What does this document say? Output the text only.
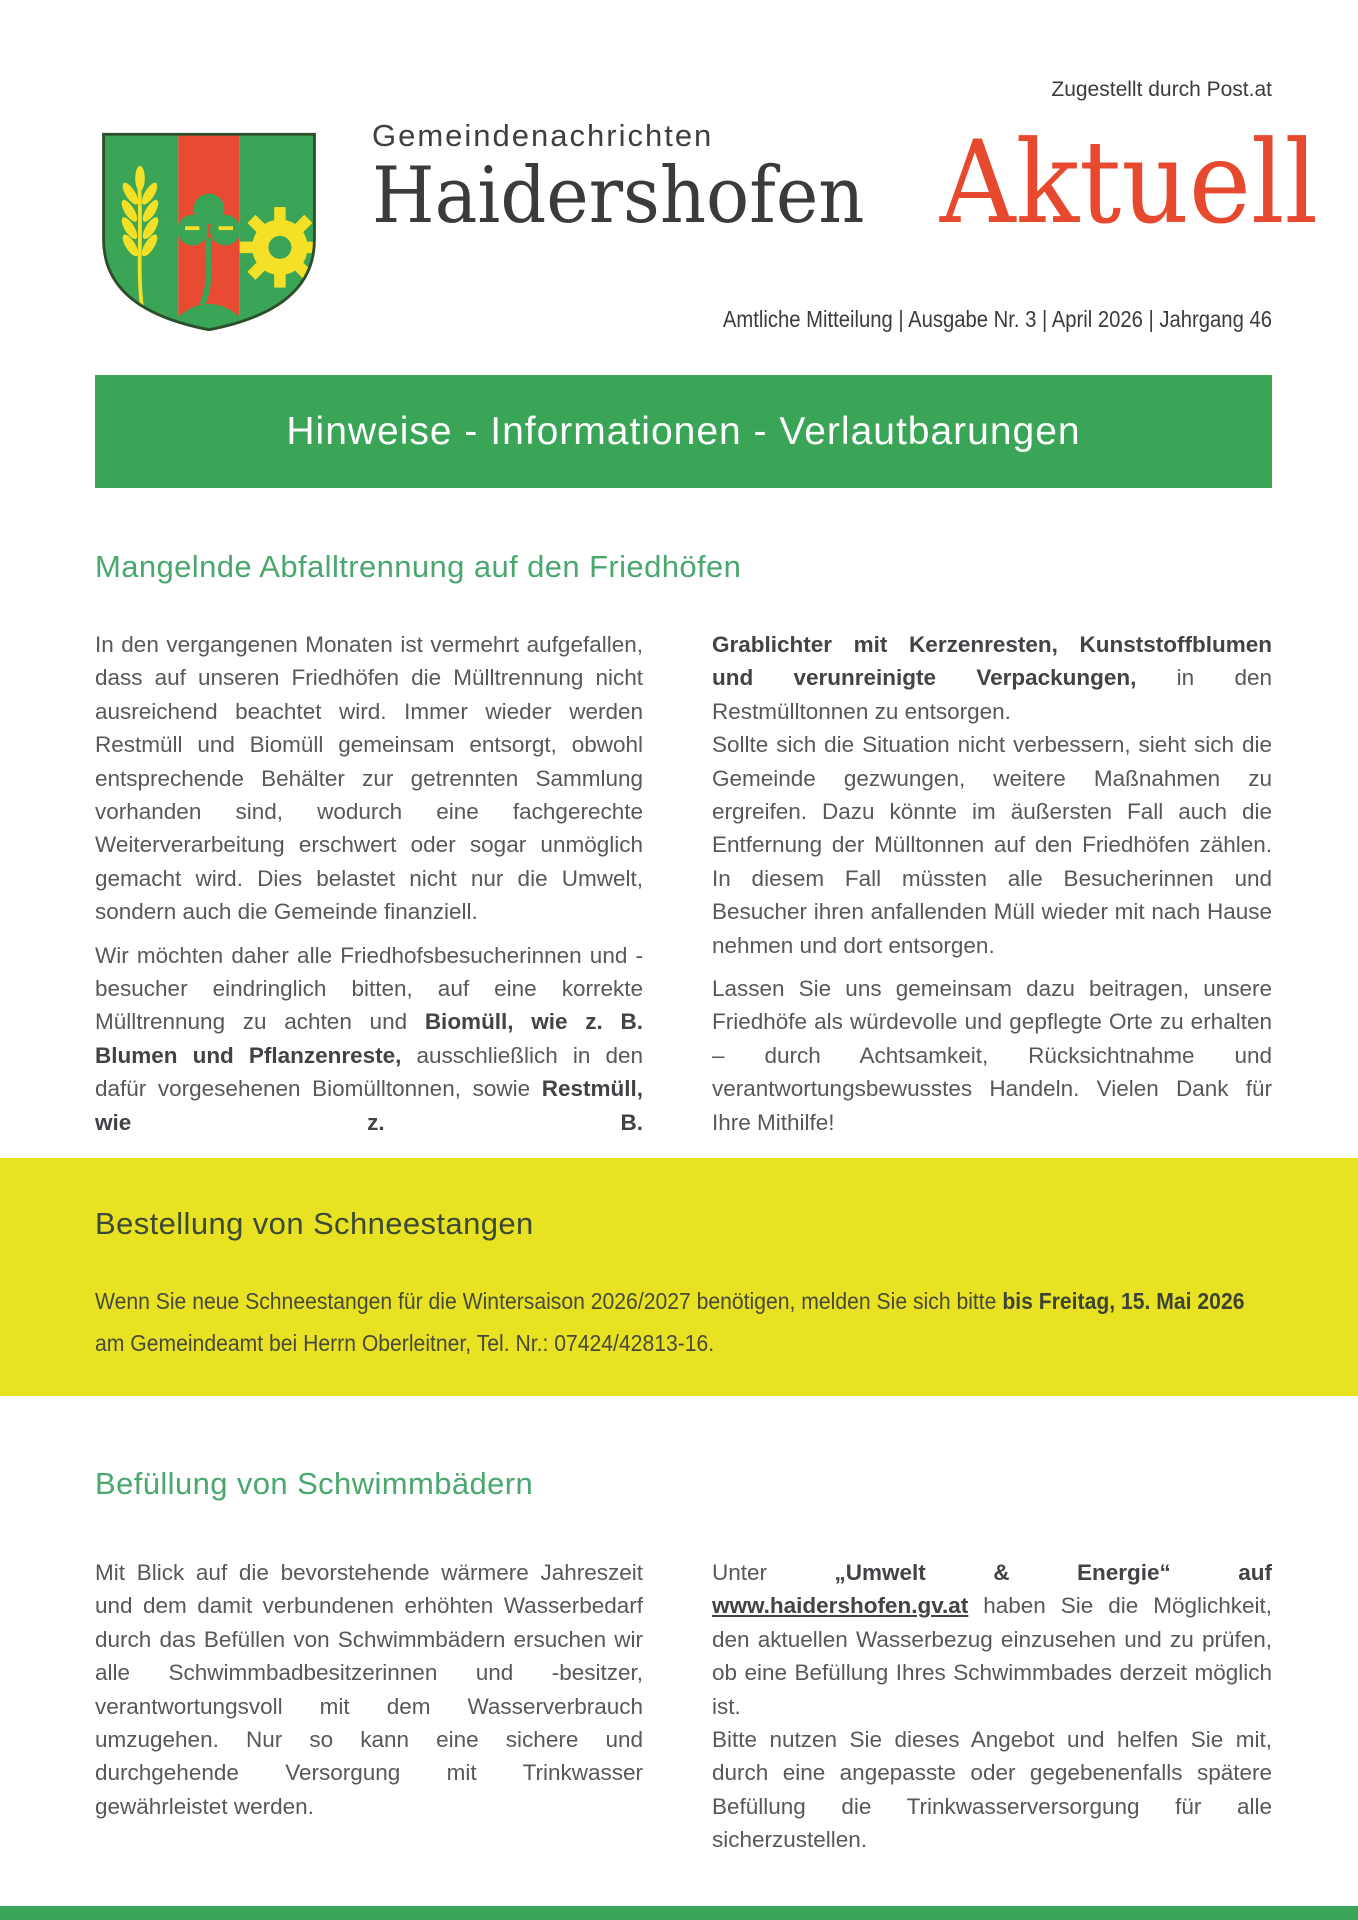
Zugestellt durch Post.at
Gemeindenachrichten
Haidershofen Aktuell
Amtliche Mitteilung | Ausgabe Nr. 3 | April 2026 | Jahrgang 46
Hinweise - Informationen - Verlautbarungen
Mangelnde Abfalltrennung auf den Friedhöfen

In den vergangenen Monaten ist vermehrt aufgefallen, dass auf unseren Friedhöfen die Mülltrennung nicht ausreichend beachtet wird. Immer wieder werden Restmüll und Biomüll gemeinsam entsorgt, obwohl entsprechende Behälter zur getrennten Sammlung vorhanden sind, wodurch eine fachgerechte Weiterverarbeitung erschwert oder sogar unmöglich gemacht wird. Dies belastet nicht nur die Umwelt, sondern auch die Gemeinde finanziell.

Wir möchten daher alle Friedhofsbesucherinnen und -besucher eindringlich bitten, auf eine korrekte Mülltrennung zu achten und Biomüll, wie z. B. Blumen und Pflanzenreste, ausschließlich in den dafür vorgesehenen Biomülltonnen, sowie Restmüll, wie z. B.

Grablichter mit Kerzenresten, Kunststoffblumen und verunreinigte Verpackungen, in den Restmülltonnen zu entsorgen.

Sollte sich die Situation nicht verbessern, sieht sich die Gemeinde gezwungen, weitere Maßnahmen zu ergreifen. Dazu könnte im äußersten Fall auch die Entfernung der Mülltonnen auf den Friedhöfen zählen. In diesem Fall müssten alle Besucherinnen und Besucher ihren anfallenden Müll wieder mit nach Hause nehmen und dort entsorgen.

Lassen Sie uns gemeinsam dazu beitragen, unsere Friedhöfe als würdevolle und gepflegte Orte zu erhalten – durch Achtsamkeit, Rücksichtnahme und verantwortungsbewusstes Handeln. Vielen Dank für Ihre Mithilfe!

Bestellung von Schneestangen
Wenn Sie neue Schneestangen für die Wintersaison 2026/2027 benötigen, melden Sie sich bitte bis Freitag, 15. Mai 2026 am Gemeindeamt bei Herrn Oberleitner, Tel. Nr.: 07424/42813-16.
Befüllung von Schwimmbädern

Mit Blick auf die bevorstehende wärmere Jahreszeit und dem damit verbundenen erhöhten Wasserbedarf durch das Befüllen von Schwimmbädern ersuchen wir alle Schwimmbadbesitzerinnen und -besitzer, verantwortungsvoll mit dem Wasserverbrauch umzugehen. Nur so kann eine sichere und durchgehende Versorgung mit Trinkwasser gewährleistet werden.

Unter „Umwelt & Energie“ auf www.haidershofen.gv.at haben Sie die Möglichkeit, den aktuellen Wasserbezug einzusehen und zu prüfen, ob eine Befüllung Ihres Schwimmbades derzeit möglich ist.

Bitte nutzen Sie dieses Angebot und helfen Sie mit, durch eine angepasste oder gegebenenfalls spätere Befüllung die Trinkwasserversorgung für alle sicherzustellen.
